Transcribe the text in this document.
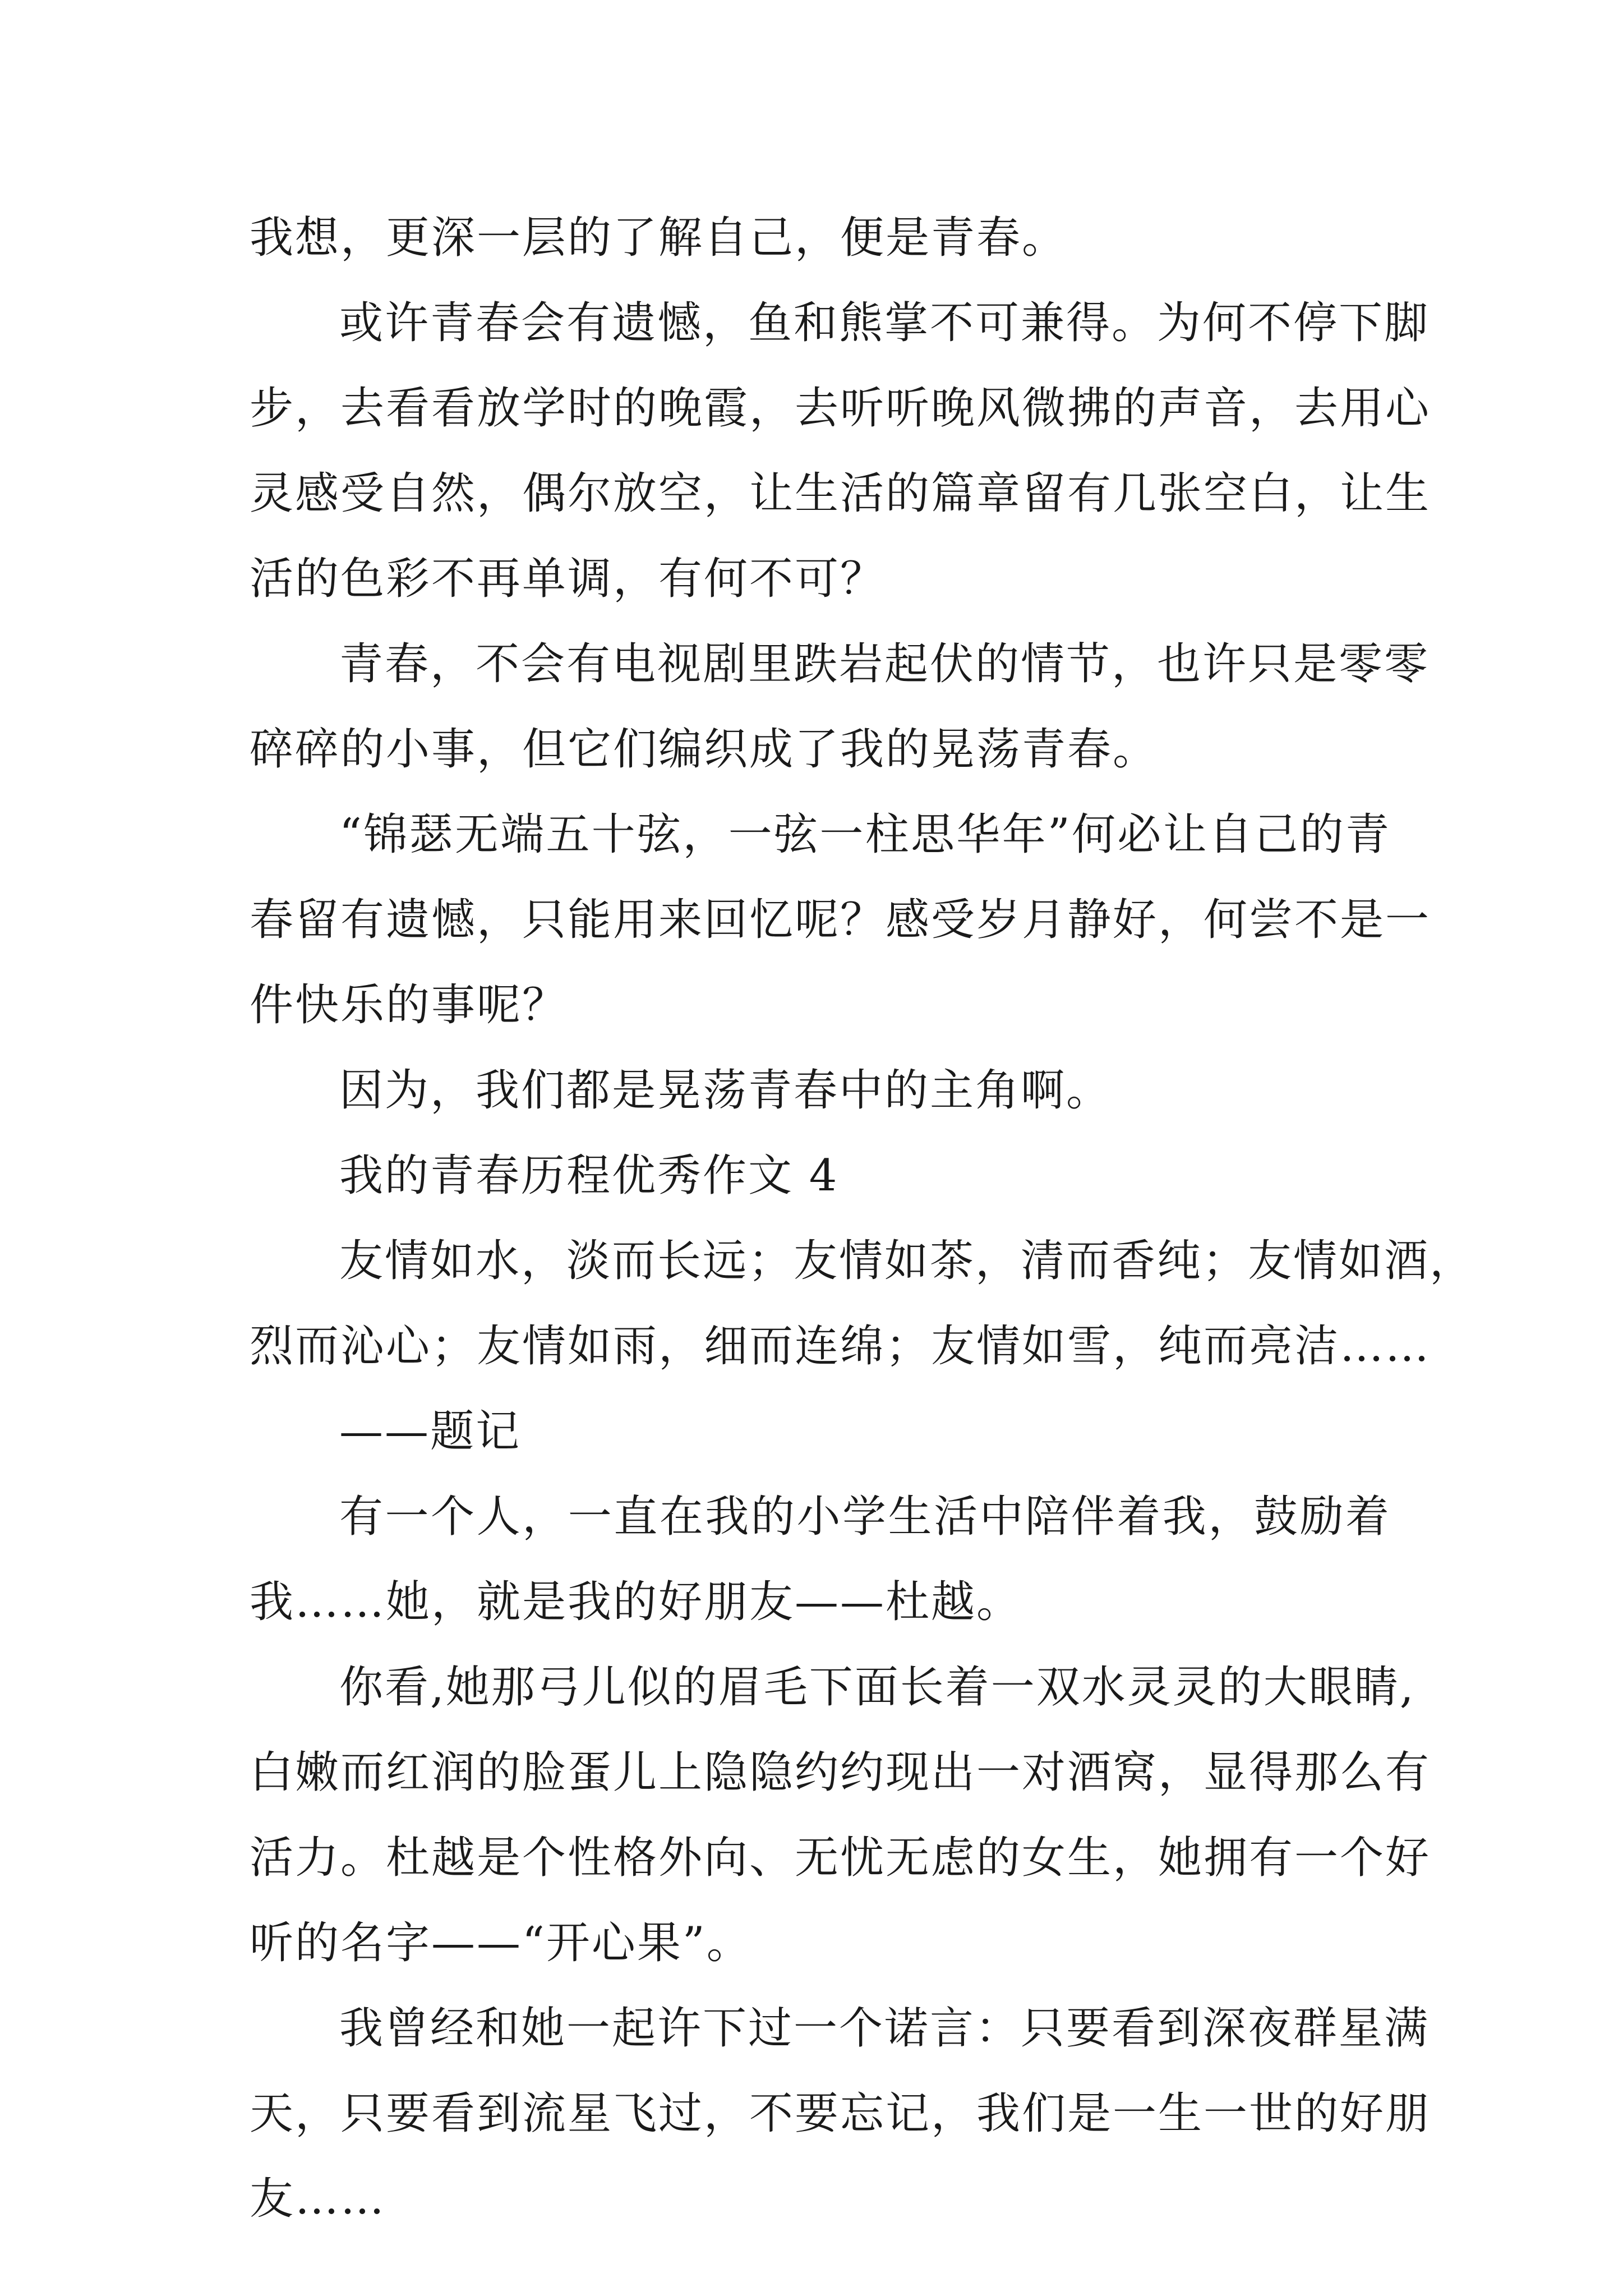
我想，更深一层的了解自己，便是青春。
或许青春会有遗憾，鱼和熊掌不可兼得。为何不停下脚
步，去看看放学时的晚霞，去听听晚风微拂的声音，去用心
灵感受自然，偶尔放空，让生活的篇章留有几张空白，让生
活的色彩不再单调，有何不可？
青春，不会有电视剧里跌岩起伏的情节，也许只是零零
碎碎的小事，但它们编织成了我的晃荡青春。
“锦瑟无端五十弦，一弦一柱思华年”何必让自己的青
春留有遗憾，只能用来回忆呢？感受岁月静好，何尝不是一
件快乐的事呢？
因为，我们都是晃荡青春中的主角啊。
我的青春历程优秀作文 4
友情如水，淡而长远；友情如茶，清而香纯；友情如酒，
烈而沁心；友情如雨，细而连绵；友情如雪，纯而亮洁……
——题记
有一个人，一直在我的小学生活中陪伴着我，鼓励着
我……她，就是我的好朋友——杜越。
你看,她那弓儿似的眉毛下面长着一双水灵灵的大眼睛,
白嫩而红润的脸蛋儿上隐隐约约现出一对酒窝，显得那么有
活力。杜越是个性格外向、无忧无虑的女生，她拥有一个好
听的名字——“开心果”。
我曾经和她一起许下过一个诺言：只要看到深夜群星满
天，只要看到流星飞过，不要忘记，我们是一生一世的好朋
友……
